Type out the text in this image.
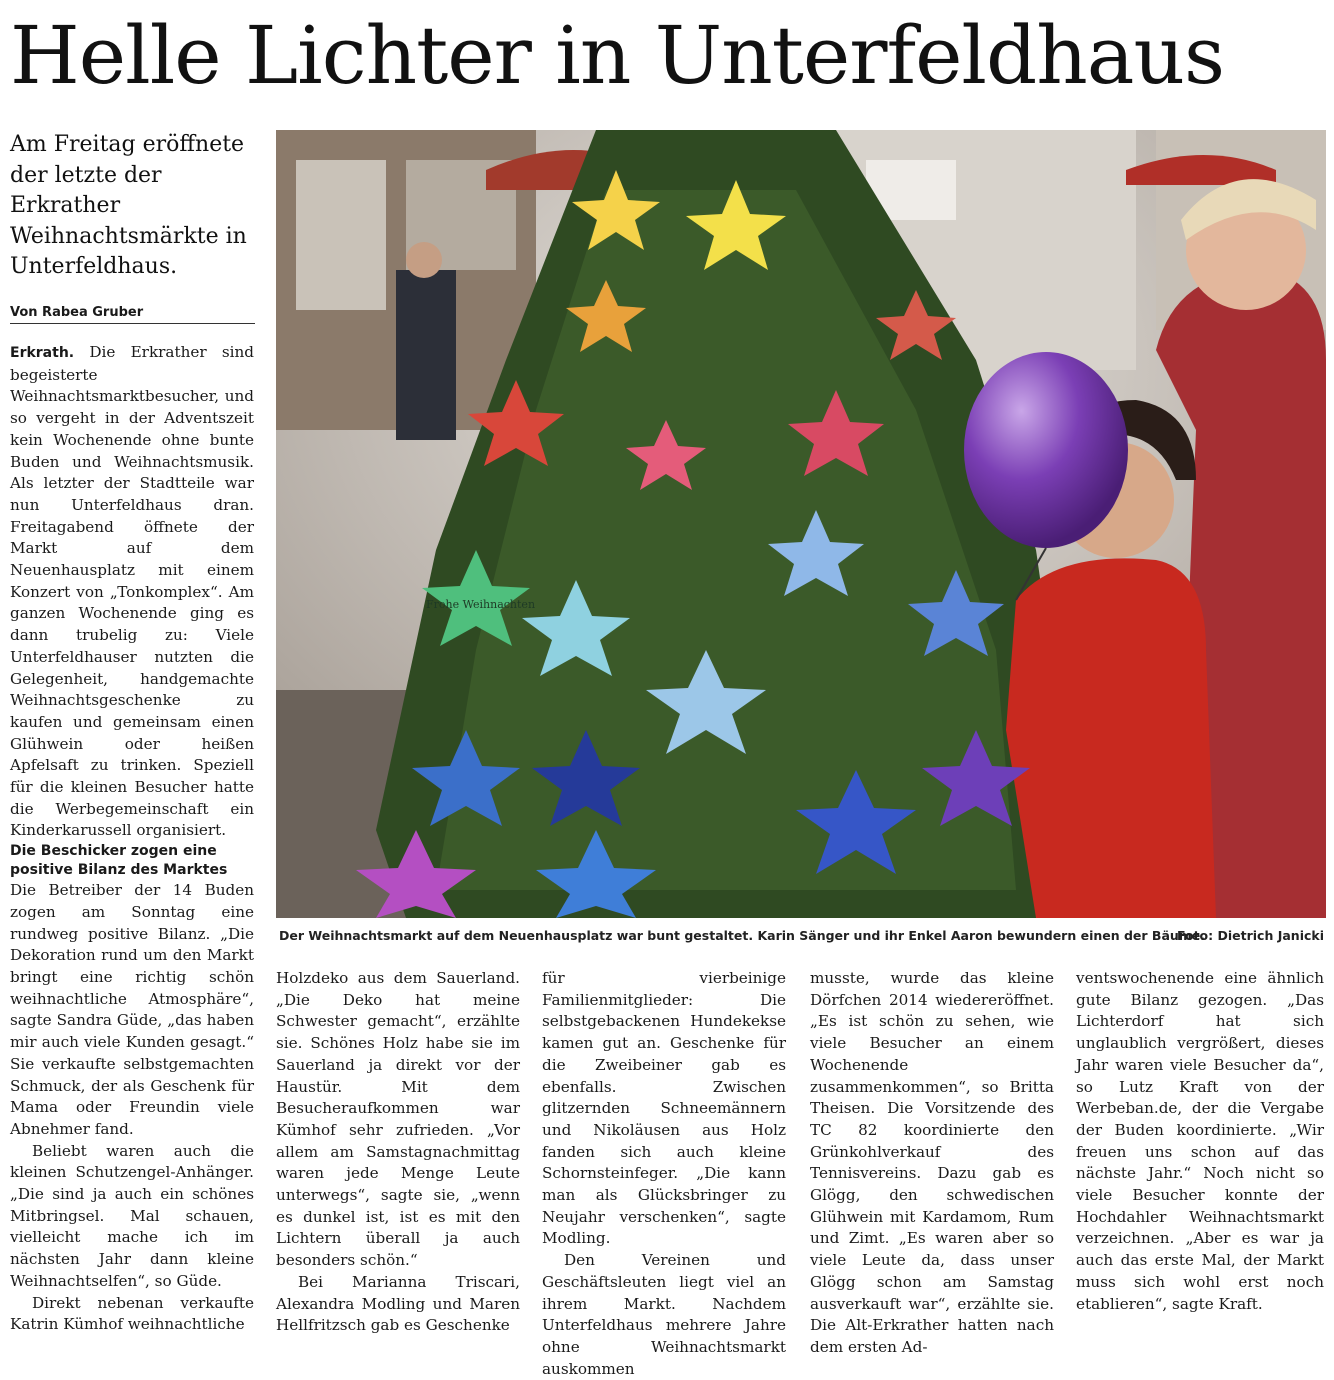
Helle Lichter in Unterfeldhaus
Am Freitag eröffnete der letzte der Erkrather Weihnachtsmärkte in Unterfeldhaus.
Von Rabea Gruber

Erkrath. Die Erkrather sind begeisterte Weihnachtsmarktbesucher, und so vergeht in der Adventszeit kein Wochenende ohne bunte Buden und Weihnachtsmusik. Als letzter der Stadtteile war nun Unterfeldhaus dran. Freitagabend öffnete der Markt auf dem Neuenhausplatz mit einem Konzert von „Tonkomplex“. Am ganzen Wochenende ging es dann trubelig zu: Viele Unterfeldhauser nutzten die Gelegenheit, handgemachte Weihnachtsgeschenke zu kaufen und gemeinsam einen Glühwein oder heißen Apfelsaft zu trinken. Speziell für die kleinen Besucher hatte die Werbegemeinschaft ein Kinderkarussell organisiert.

Die Beschicker zogen eine positive Bilanz des Marktes

Die Betreiber der 14 Buden zogen am Sonntag eine rundweg positive Bilanz. „Die Dekoration rund um den Markt bringt eine richtig schön weihnachtliche Atmosphäre“, sagte Sandra Güde, „das haben mir auch viele Kunden gesagt.“ Sie verkaufte selbstgemachten Schmuck, der als Geschenk für Mama oder Freundin viele Abnehmer fand.

Beliebt waren auch die kleinen Schutzengel-Anhänger. „Die sind ja auch ein schönes Mitbringsel. Mal schauen, vielleicht mache ich im nächsten Jahr dann kleine Weihnachtselfen“, so Güde.

Direkt nebenan verkaufte Katrin Kümhof weihnachtliche

Frohe Weihnachten
Der Weihnachtsmarkt auf dem Neuenhausplatz war bunt gestaltet. Karin Sänger und ihr Enkel Aaron bewundern einen der Bäume.
Foto: Dietrich Janicki

Holzdeko aus dem Sauerland. „Die Deko hat meine Schwester gemacht“, erzählte sie. Schönes Holz habe sie im Sauerland ja direkt vor der Haustür. Mit dem Besucheraufkommen war Kümhof sehr zufrieden. „Vor allem am Samstagnachmittag waren jede Menge Leute unterwegs“, sagte sie, „wenn es dunkel ist, ist es mit den Lichtern überall ja auch besonders schön.“

Bei Marianna Triscari, Alexandra Modling und Maren Hellfritzsch gab es Geschenke

für vierbeinige Familienmitglieder: Die selbstgebackenen Hundekekse kamen gut an. Geschenke für die Zweibeiner gab es ebenfalls. Zwischen glitzernden Schneemännern und Nikoläusen aus Holz fanden sich auch kleine Schornsteinfeger. „Die kann man als Glücksbringer zu Neujahr verschenken“, sagte Modling.

Den Vereinen und Geschäftsleuten liegt viel an ihrem Markt. Nachdem Unterfeldhaus mehrere Jahre ohne Weihnachtsmarkt auskommen

musste, wurde das kleine Dörfchen 2014 wiedereröffnet. „Es ist schön zu sehen, wie viele Besucher an einem Wochenende zusammenkommen“, so Britta Theisen. Die Vorsitzende des TC 82 koordinierte den Grünkohlverkauf des Tennisvereins. Dazu gab es Glögg, den schwedischen Glühwein mit Kardamom, Rum und Zimt. „Es waren aber so viele Leute da, dass unser Glögg schon am Samstag ausverkauft war“, erzählte sie. Die Alt-Erkrather hatten nach dem ersten Ad-

ventswochenende eine ähnlich gute Bilanz gezogen. „Das Lichterdorf hat sich unglaublich vergrößert, dieses Jahr waren viele Besucher da“, so Lutz Kraft von der Werbeban.de, der die Vergabe der Buden koordinierte. „Wir freuen uns schon auf das nächste Jahr.“ Noch nicht so viele Besucher konnte der Hochdahler Weihnachtsmarkt verzeichnen. „Aber es war ja auch das erste Mal, der Markt muss sich wohl erst noch etablieren“, sagte Kraft.
